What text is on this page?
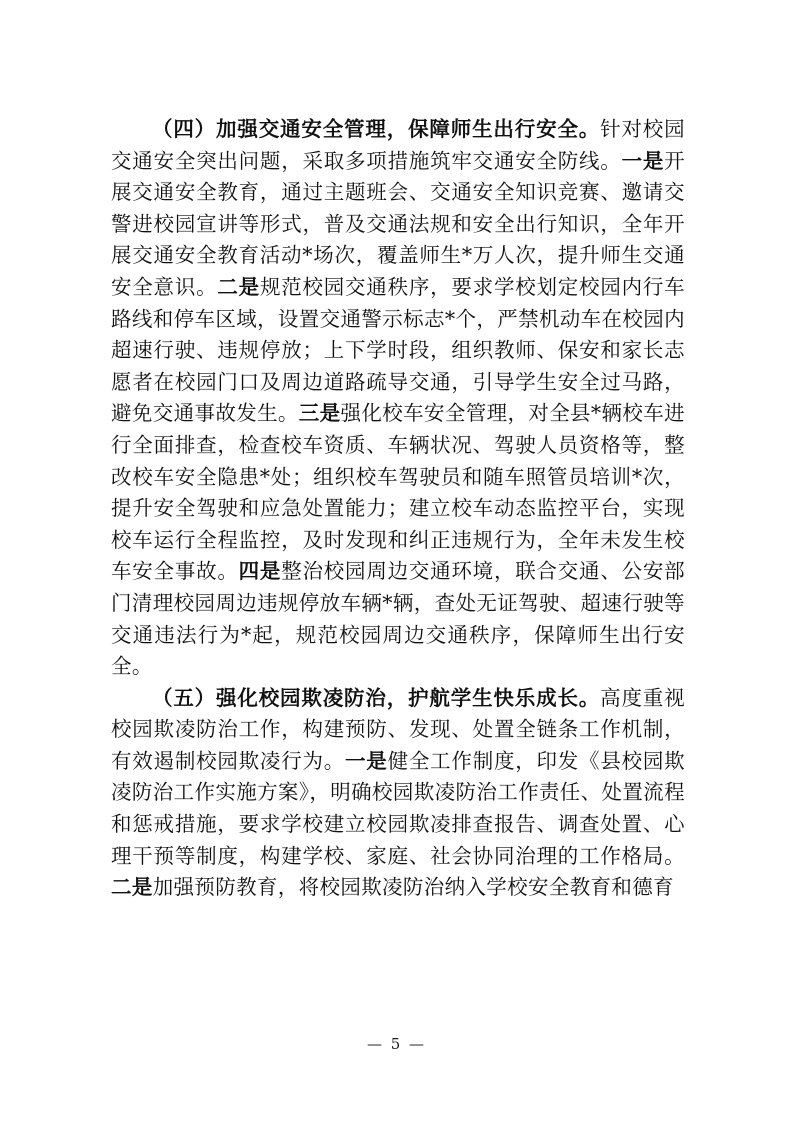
（四）加强交通安全管理，保障师生出行安全。针对校园交通安全突出问题，采取多项措施筑牢交通安全防线。一是开展交通安全教育，通过主题班会、交通安全知识竞赛、邀请交警进校园宣讲等形式，普及交通法规和安全出行知识，全年开展交通安全教育活动*场次，覆盖师生*万人次，提升师生交通安全意识。二是规范校园交通秩序，要求学校划定校园内行车路线和停车区域，设置交通警示标志*个，严禁机动车在校园内超速行驶、违规停放；上下学时段，组织教师、保安和家长志愿者在校园门口及周边道路疏导交通，引导学生安全过马路，避免交通事故发生。三是强化校车安全管理，对全县*辆校车进行全面排查，检查校车资质、车辆状况、驾驶人员资格等，整改校车安全隐患*处；组织校车驾驶员和随车照管员培训*次，提升安全驾驶和应急处置能力；建立校车动态监控平台，实现校车运行全程监控，及时发现和纠正违规行为，全年未发生校车安全事故。四是整治校园周边交通环境，联合交通、公安部门清理校园周边违规停放车辆*辆，查处无证驾驶、超速行驶等交通违法行为*起，规范校园周边交通秩序，保障师生出行安全。

（五）强化校园欺凌防治，护航学生快乐成长。高度重视校园欺凌防治工作，构建预防、发现、处置全链条工作机制，有效遏制校园欺凌行为。一是健全工作制度，印发《县校园欺凌防治工作实施方案》，明确校园欺凌防治工作责任、处置流程和惩戒措施，要求学校建立校园欺凌排查报告、调查处置、心理干预等制度，构建学校、家庭、社会协同治理的工作格局。二是加强预防教育，将校园欺凌防治纳入学校安全教育和德育

— 5 —
